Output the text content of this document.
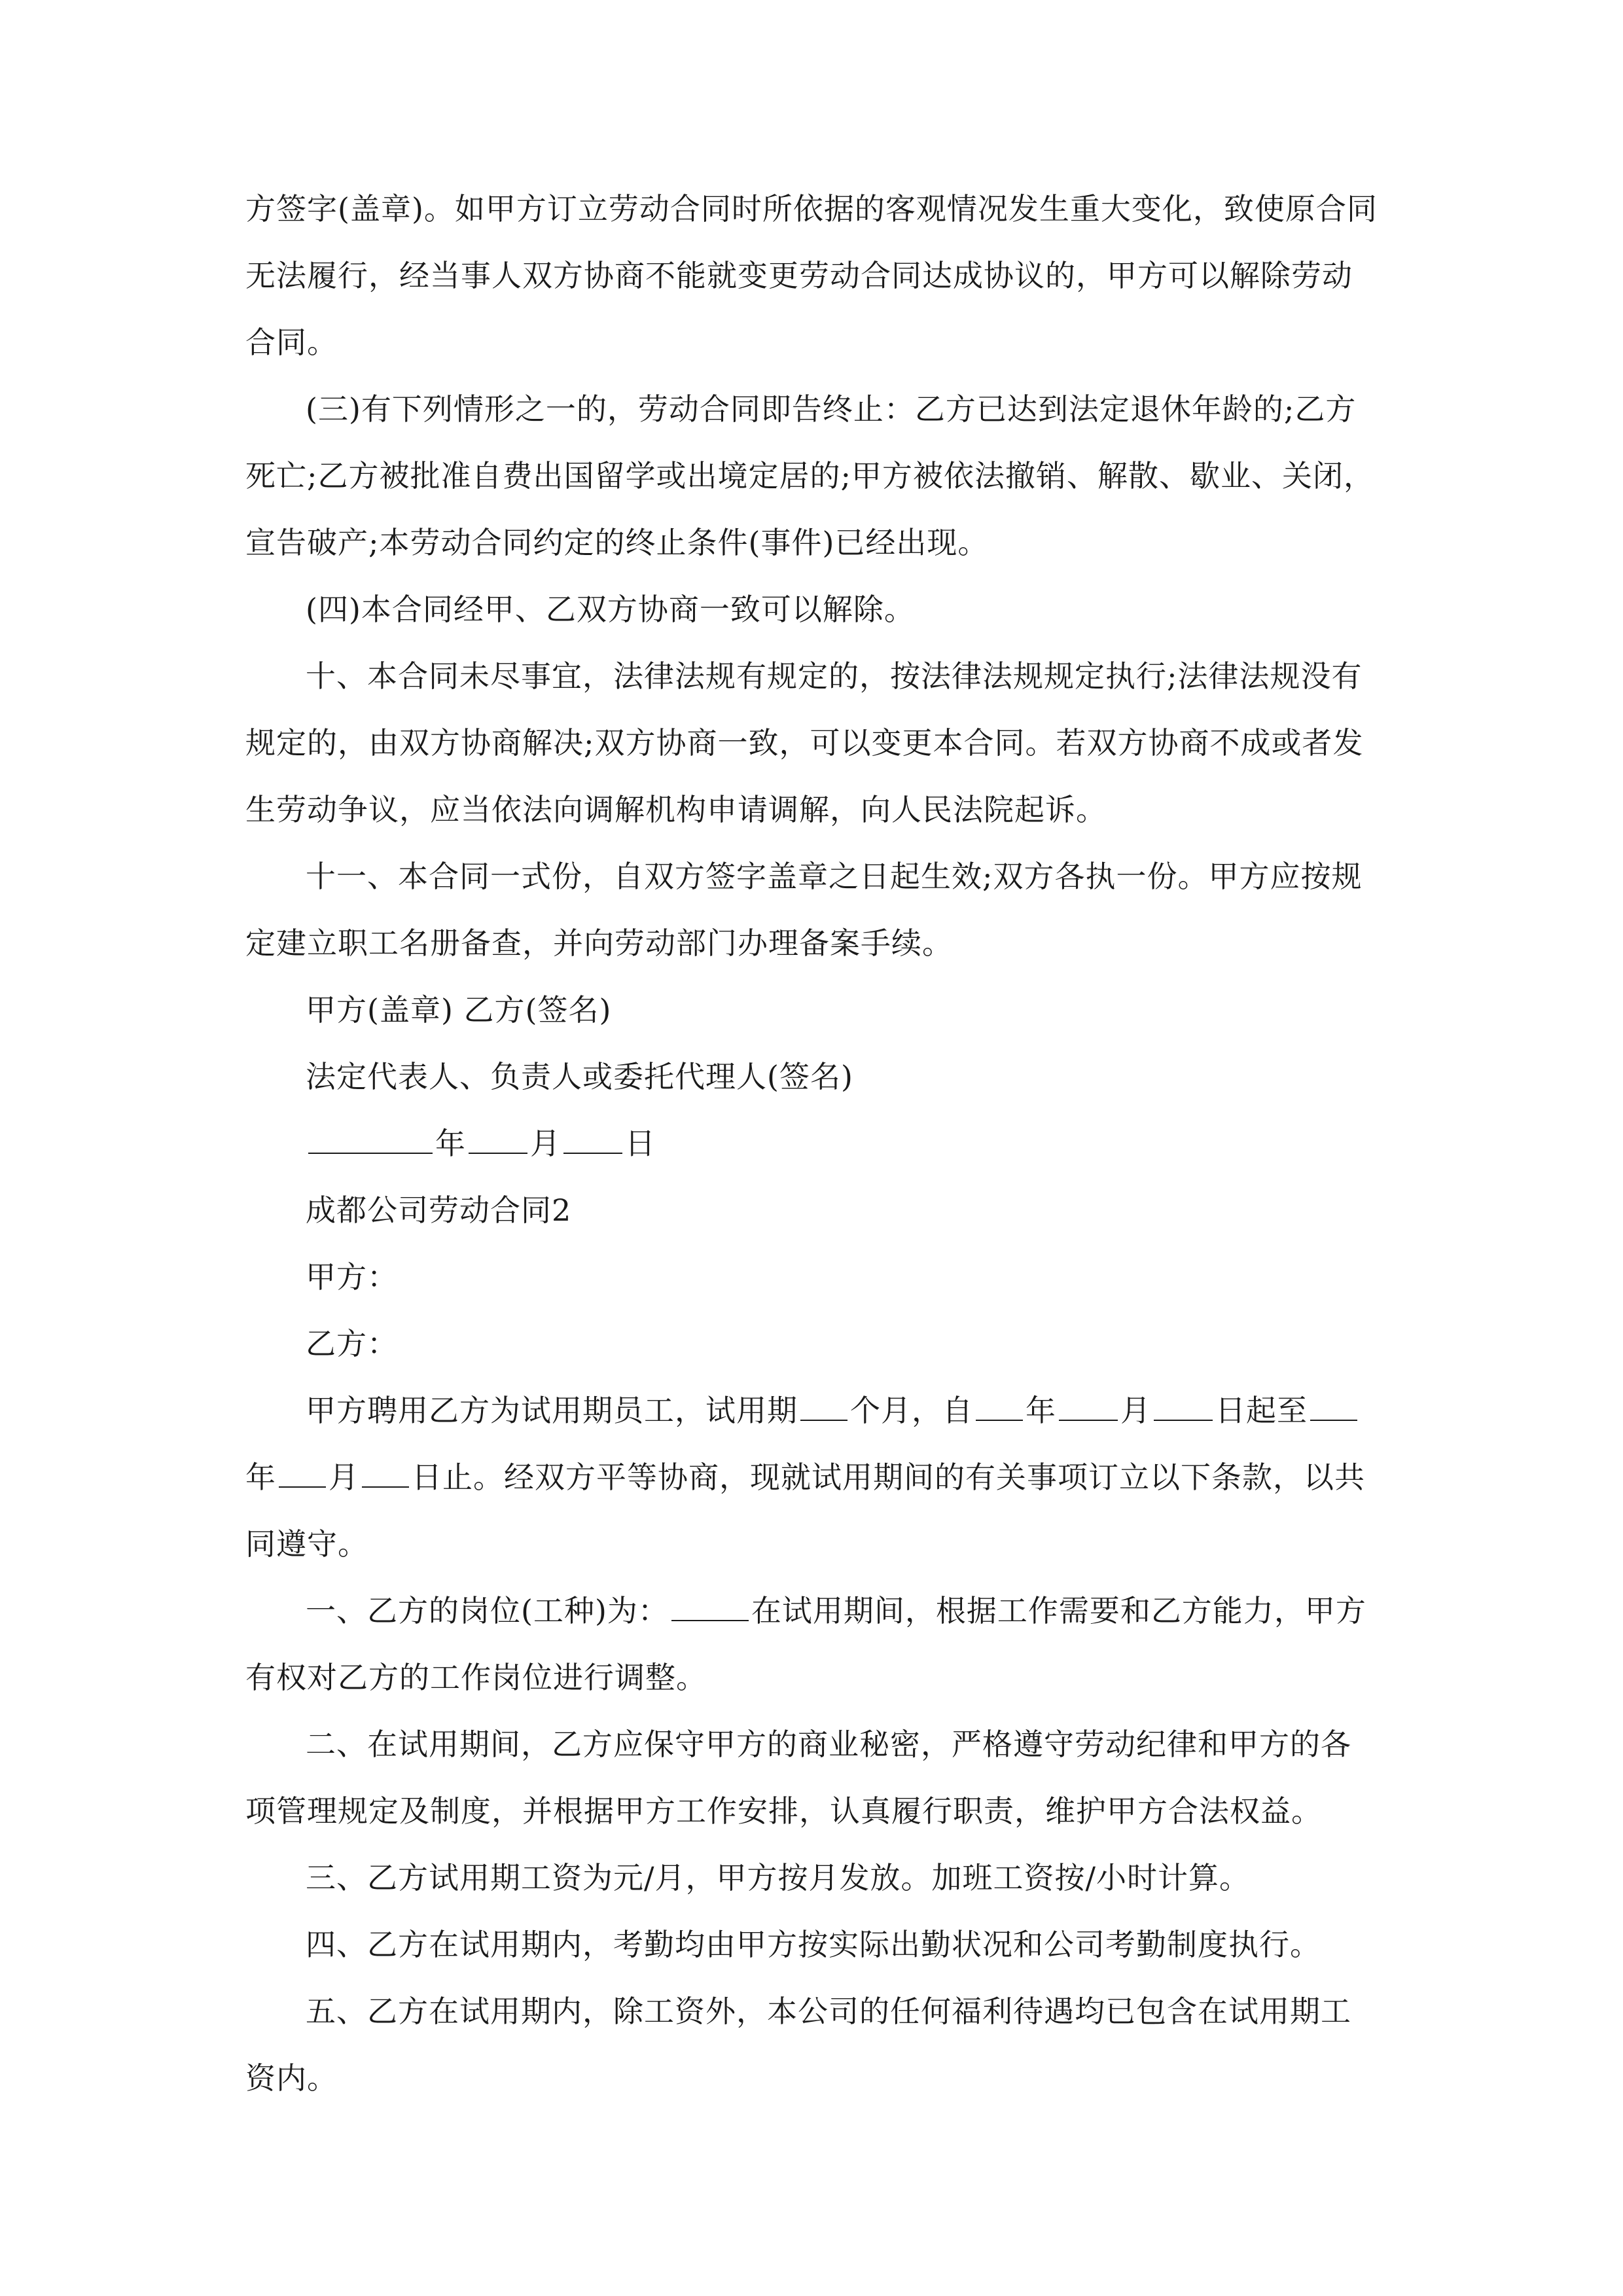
方签字(盖章)。如甲方订立劳动合同时所依据的客观情况发生重大变化，致使原合同无法履行，经当事人双方协商不能就变更劳动合同达成协议的，甲方可以解除劳动合同。

(三)有下列情形之一的，劳动合同即告终止：乙方已达到法定退休年龄的;乙方死亡;乙方被批准自费出国留学或出境定居的;甲方被依法撤销、解散、歇业、关闭，宣告破产;本劳动合同约定的终止条件(事件)已经出现。

(四)本合同经甲、乙双方协商一致可以解除。

十、本合同未尽事宜，法律法规有规定的，按法律法规规定执行;法律法规没有规定的，由双方协商解决;双方协商一致，可以变更本合同。若双方协商不成或者发生劳动争议，应当依法向调解机构申请调解，向人民法院起诉。

十一、本合同一式份，自双方签字盖章之日起生效;双方各执一份。甲方应按规定建立职工名册备查，并向劳动部门办理备案手续。

甲方(盖章) 乙方(签名)

法定代表人、负责人或委托代理人(签名)

年 月 日

成都公司劳动合同2

甲方：

乙方：

甲方聘用乙方为试用期员工，试用期 个月，自 年 月 日起至年 月 日止。经双方平等协商，现就试用期间的有关事项订立以下条款，以共同遵守。

一、乙方的岗位(工种)为：	在试用期间，根据工作需要和乙方能力，甲方有权对乙方的工作岗位进行调整。

二、在试用期间，乙方应保守甲方的商业秘密，严格遵守劳动纪律和甲方的各项管理规定及制度，并根据甲方工作安排，认真履行职责，维护甲方合法权益。

三、乙方试用期工资为元/月，甲方按月发放。加班工资按/小时计算。

四、乙方在试用期内，考勤均由甲方按实际出勤状况和公司考勤制度执行。

五、乙方在试用期内，除工资外，本公司的任何福利待遇均已包含在试用期工资内。
